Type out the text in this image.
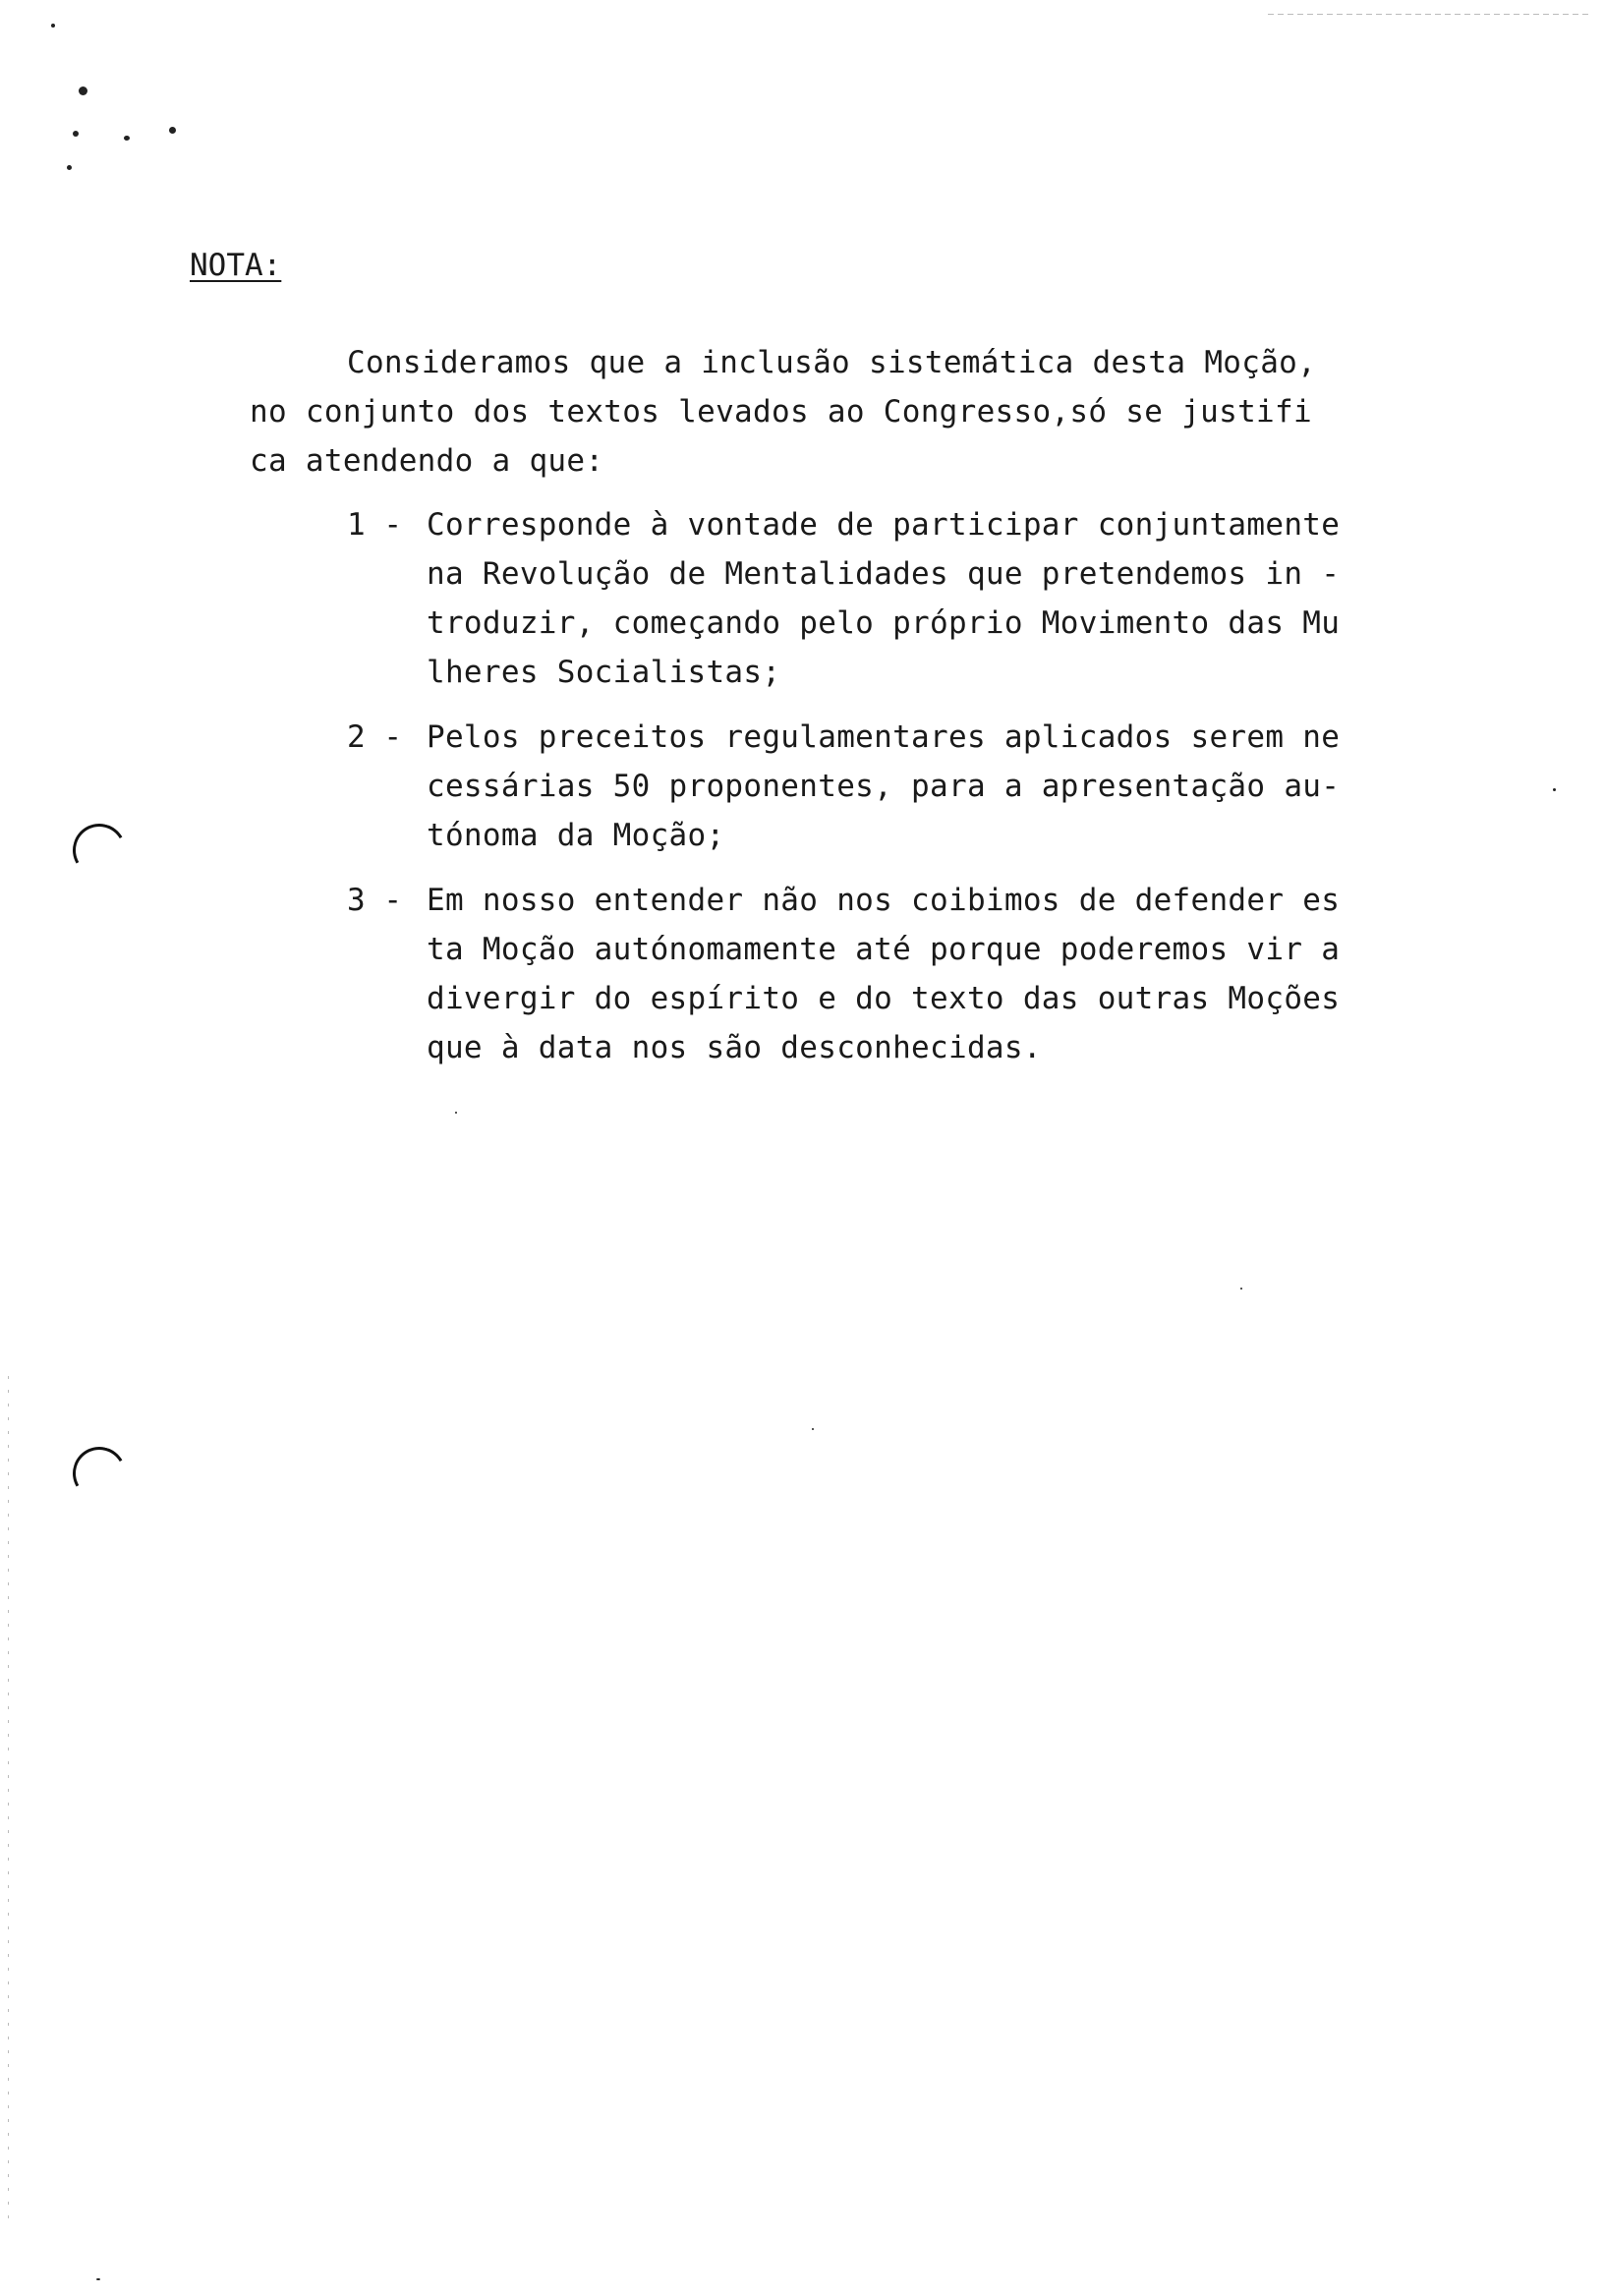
NOTA:
Consideramos que a inclusão sistemática desta Moção,
no conjunto dos textos levados ao Congresso,só se justifi
ca atendendo a que:
1 - Corresponde à vontade de participar conjuntamente
na Revolução de Mentalidades que pretendemos in -
troduzir, começando pelo próprio Movimento das Mu
lheres Socialistas;
2 - Pelos preceitos regulamentares aplicados serem ne
cessárias 50 proponentes, para a apresentação au-
tónoma da Moção;
3 - Em nosso entender não nos coibimos de defender es
ta Moção autónomamente até porque poderemos vir a
divergir do espírito e do texto das outras Moções
que à data nos são desconhecidas.
